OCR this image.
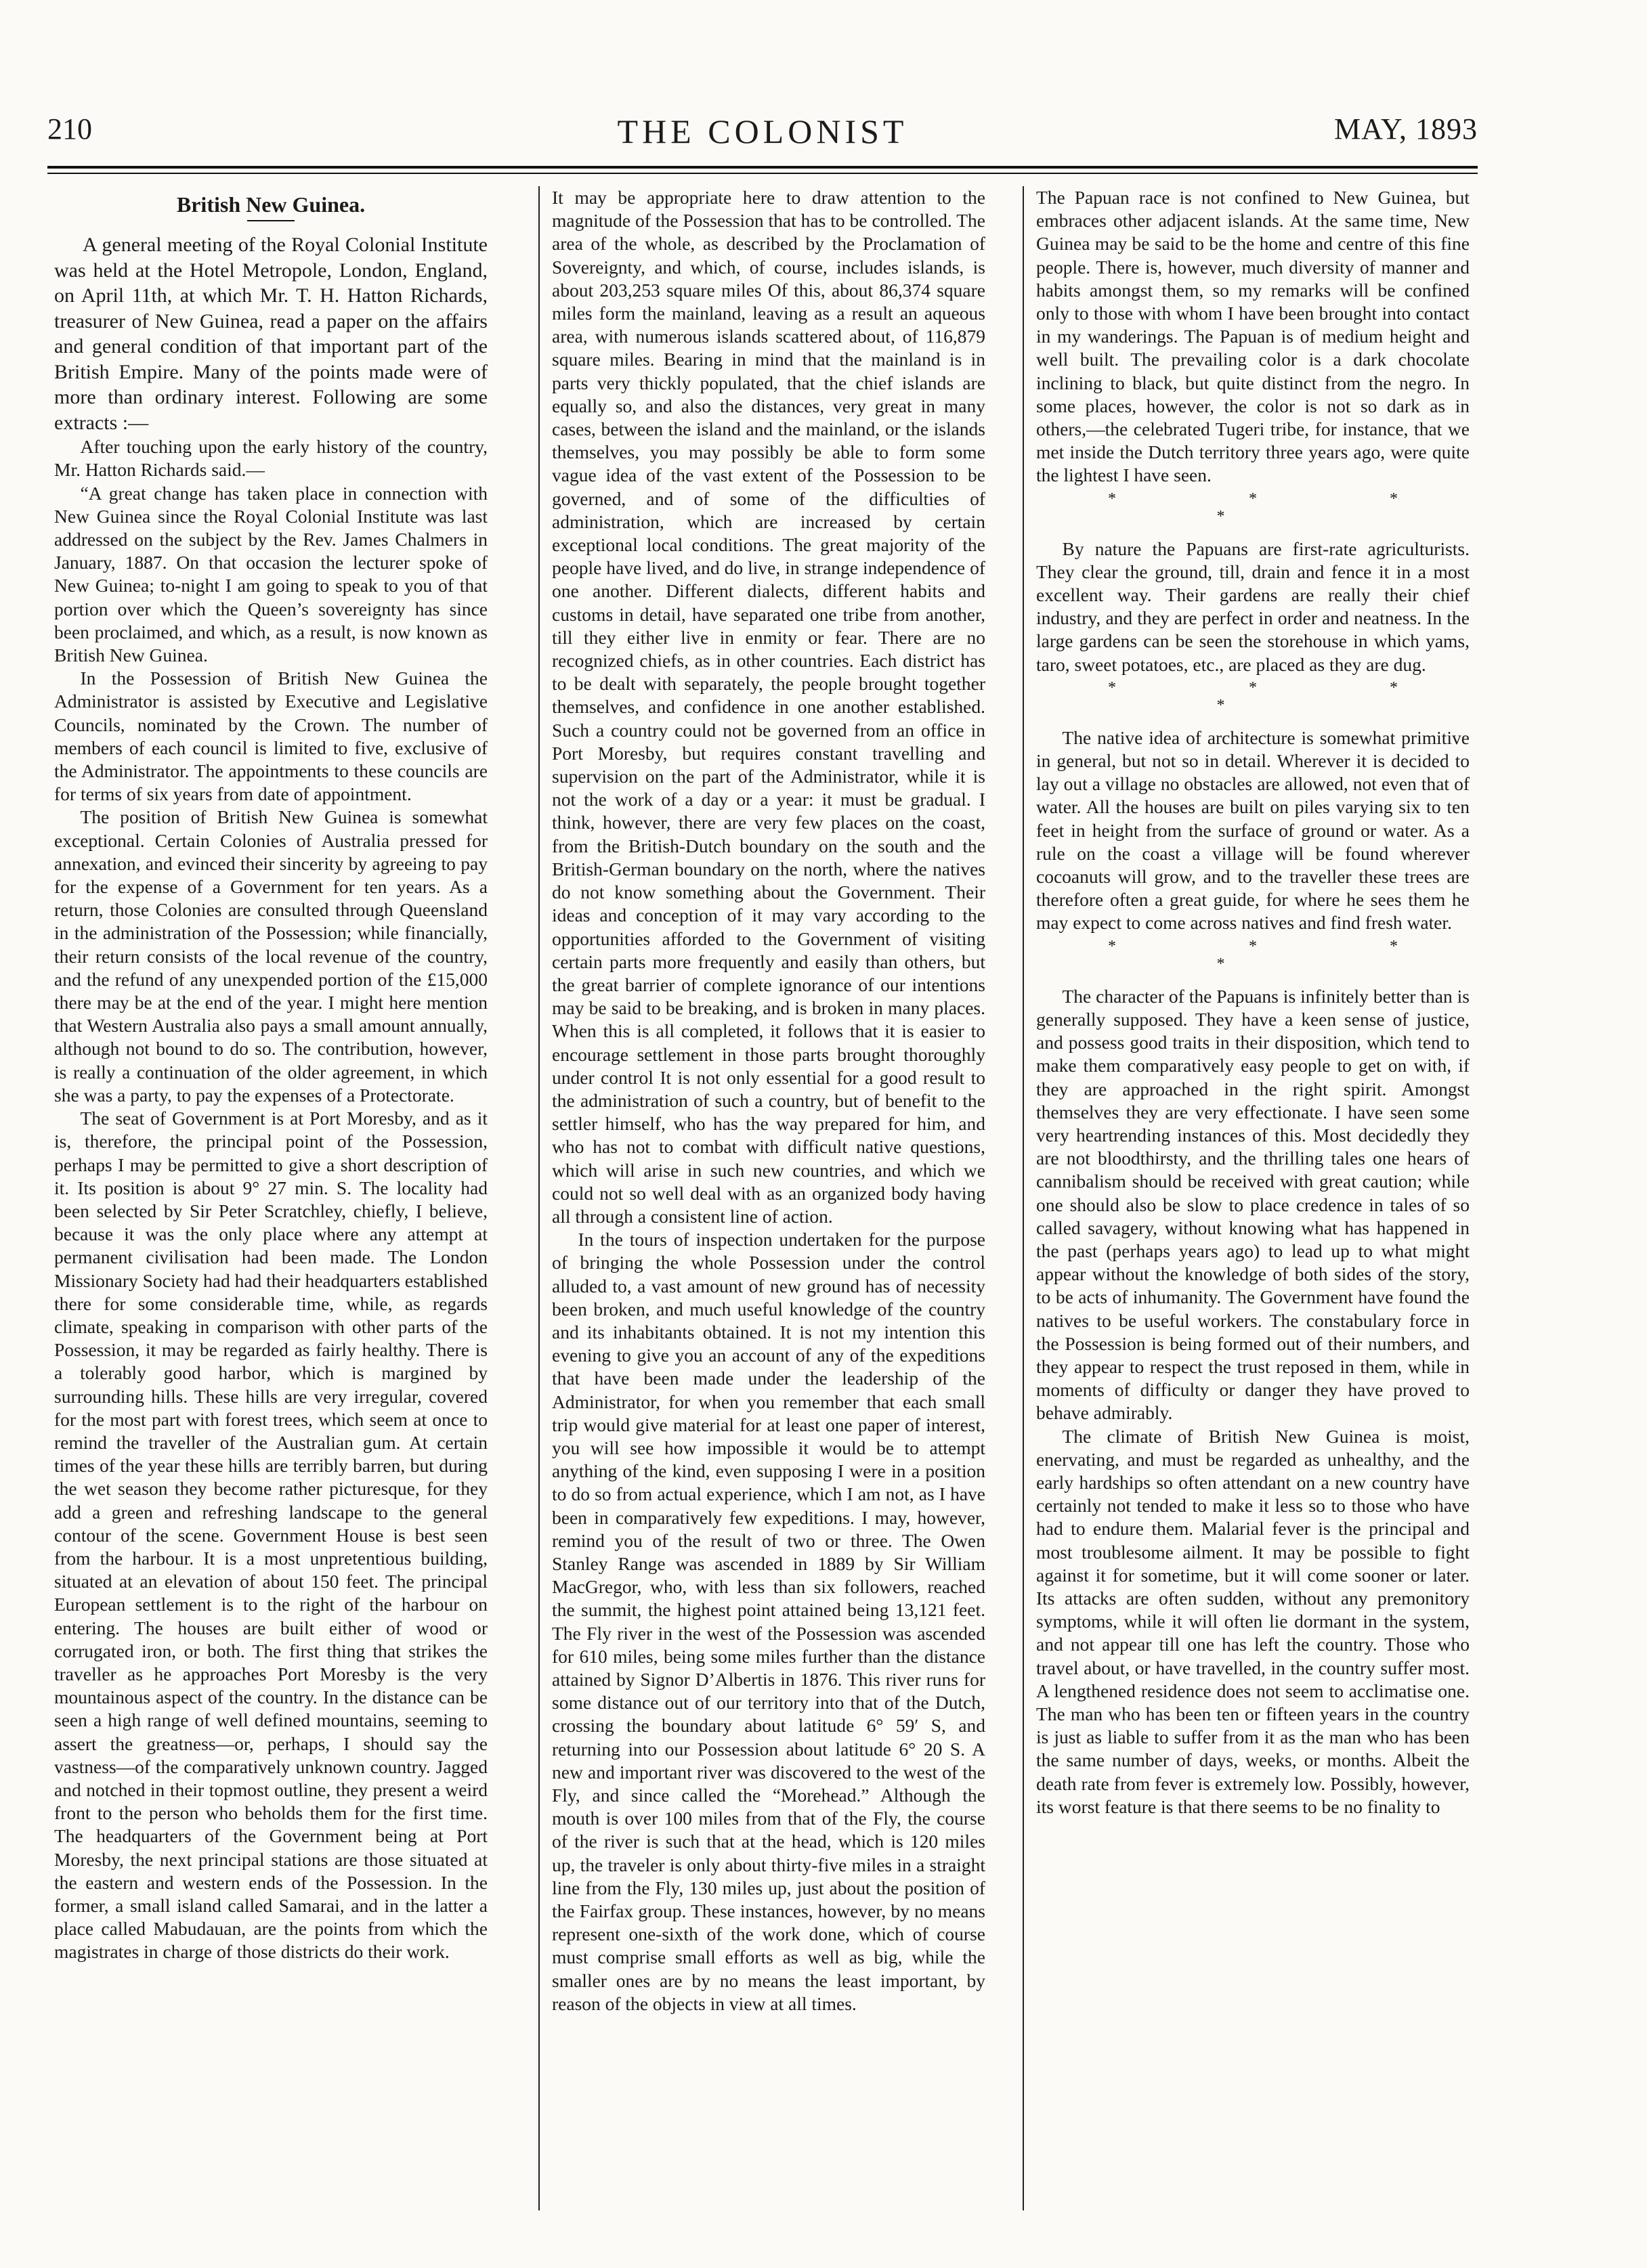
210	THE COLONIST	MAY, 1893
British New Guinea.

A general meeting of the Royal Colonial Institute was held at the Hotel Metropole, London, England, on April 11th, at which Mr. T. H. Hatton Richards, treasurer of New Guinea, read a paper on the affairs and general condition of that important part of the British Empire. Many of the points made were of more than ordinary interest. Following are some extracts :—

After touching upon the early history of the country, Mr. Hatton Richards said.—

“A great change has taken place in connection with New Guinea since the Royal Colonial Institute was last addressed on the subject by the Rev. James Chalmers in January, 1887. On that occasion the lecturer spoke of New Guinea; to-night I am going to speak to you of that portion over which the Queen’s sovereignty has since been proclaimed, and which, as a result, is now known as British New Guinea.

In the Possession of British New Guinea the Administrator is assisted by Executive and Legislative Councils, nominated by the Crown. The number of members of each council is limited to five, exclusive of the Administrator. The appointments to these councils are for terms of six years from date of appointment.

The position of British New Guinea is somewhat exceptional. Certain Colonies of Australia pressed for annexation, and evinced their sincerity by agreeing to pay for the expense of a Government for ten years. As a return, those Colonies are consulted through Queensland in the administration of the Possession; while financially, their return consists of the local revenue of the country, and the refund of any unexpended portion of the £15,000 there may be at the end of the year. I might here mention that Western Australia also pays a small amount annually, although not bound to do so. The contribution, however, is really a continuation of the older agreement, in which she was a party, to pay the expenses of a Protectorate.

The seat of Government is at Port Moresby, and as it is, therefore, the principal point of the Possession, perhaps I may be permitted to give a short description of it. Its position is about 9° 27 min. S. The locality had been selected by Sir Peter Scratchley, chiefly, I believe, because it was the only place where any attempt at permanent civilisation had been made. The London Missionary Society had had their headquarters established there for some considerable time, while, as regards climate, speaking in comparison with other parts of the Possession, it may be regarded as fairly healthy. There is a tolerably good harbor, which is margined by surrounding hills. These hills are very irregular, covered for the most part with forest trees, which seem at once to remind the traveller of the Australian gum. At certain times of the year these hills are terribly barren, but during the wet season they become rather picturesque, for they add a green and refreshing landscape to the general contour of the scene. Government House is best seen from the harbour. It is a most unpretentious building, situated at an elevation of about 150 feet. The principal European settlement is to the right of the harbour on entering. The houses are built either of wood or corrugated iron, or both. The first thing that strikes the traveller as he approaches Port Moresby is the very mountainous aspect of the country. In the distance can be seen a high range of well defined mountains, seeming to assert the greatness—or, perhaps, I should say the vastness—of the comparatively unknown country. Jagged and notched in their topmost outline, they present a weird front to the person who beholds them for the first time. The headquarters of the Government being at Port Moresby, the next principal stations are those situated at the eastern and western ends of the Possession. In the former, a small island called Samarai, and in the latter a place called Mabudauan, are the points from which the magistrates in charge of those districts do their work.

It may be appropriate here to draw attention to the magnitude of the Possession that has to be controlled. The area of the whole, as described by the Proclamation of Sovereignty, and which, of course, includes islands, is about 203,253 square miles Of this, about 86,374 square miles form the mainland, leaving as a result an aqueous area, with numerous islands scattered about, of 116,879 square miles. Bearing in mind that the mainland is in parts very thickly populated, that the chief islands are equally so, and also the distances, very great in many cases, between the island and the mainland, or the islands themselves, you may possibly be able to form some vague idea of the vast extent of the Possession to be governed, and of some of the difficulties of administration, which are increased by certain exceptional local conditions. The great majority of the people have lived, and do live, in strange independence of one another. Different dialects, different habits and customs in detail, have separated one tribe from another, till they either live in enmity or fear. There are no recognized chiefs, as in other countries. Each district has to be dealt with separately, the people brought together themselves, and confidence in one another established. Such a country could not be governed from an office in Port Moresby, but requires constant travelling and supervision on the part of the Administrator, while it is not the work of a day or a year: it must be gradual. I think, however, there are very few places on the coast, from the British-Dutch boundary on the south and the British-German boundary on the north, where the natives do not know something about the Government. Their ideas and conception of it may vary according to the opportunities afforded to the Government of visiting certain parts more frequently and easily than others, but the great barrier of complete ignorance of our intentions may be said to be breaking, and is broken in many places. When this is all completed, it follows that it is easier to encourage settlement in those parts brought thoroughly under control It is not only essential for a good result to the administration of such a country, but of benefit to the settler himself, who has the way prepared for him, and who has not to combat with difficult native questions, which will arise in such new countries, and which we could not so well deal with as an organized body having all through a consistent line of action.

In the tours of inspection undertaken for the purpose of bringing the whole Possession under the control alluded to, a vast amount of new ground has of necessity been broken, and much useful knowledge of the country and its inhabitants obtained. It is not my intention this evening to give you an account of any of the expeditions that have been made under the leadership of the Administrator, for when you remember that each small trip would give material for at least one paper of interest, you will see how impossible it would be to attempt anything of the kind, even supposing I were in a position to do so from actual experience, which I am not, as I have been in comparatively few expeditions. I may, however, remind you of the result of two or three. The Owen Stanley Range was ascended in 1889 by Sir William MacGregor, who, with less than six followers, reached the summit, the highest point attained being 13,121 feet. The Fly river in the west of the Possession was ascended for 610 miles, being some miles further than the distance attained by Signor D’Albertis in 1876. This river runs for some distance out of our territory into that of the Dutch, crossing the boundary about latitude 6° 59′ S, and returning into our Possession about latitude 6° 20 S. A new and important river was discovered to the west of the Fly, and since called the “Morehead.” Although the mouth is over 100 miles from that of the Fly, the course of the river is such that at the head, which is 120 miles up, the traveler is only about thirty-five miles in a straight line from the Fly, 130 miles up, just about the position of the Fairfax group. These instances, however, by no means represent one-sixth of the work done, which of course must comprise small efforts as well as big, while the smaller ones are by no means the least important, by reason of the objects in view at all times.

The Papuan race is not confined to New Guinea, but embraces other adjacent islands. At the same time, New Guinea may be said to be the home and centre of this fine people. There is, however, much diversity of manner and habits amongst them, so my remarks will be confined only to those with whom I have been brought into contact in my wanderings. The Papuan is of medium height and well built. The prevailing color is a dark chocolate inclining to black, but quite distinct from the negro. In some places, however, the color is not so dark as in others,—the celebrated Tugeri tribe, for instance, that we met inside the Dutch territory three years ago, were quite the lightest I have seen.

* * * *

By nature the Papuans are first-rate agriculturists. They clear the ground, till, drain and fence it in a most excellent way. Their gardens are really their chief industry, and they are perfect in order and neatness. In the large gardens can be seen the storehouse in which yams, taro, sweet potatoes, etc., are placed as they are dug.

* * * *

The native idea of architecture is somewhat primitive in general, but not so in detail. Wherever it is decided to lay out a village no obstacles are allowed, not even that of water. All the houses are built on piles varying six to ten feet in height from the surface of ground or water. As a rule on the coast a village will be found wherever cocoanuts will grow, and to the traveller these trees are therefore often a great guide, for where he sees them he may expect to come across natives and find fresh water.

* * * *

The character of the Papuans is infinitely better than is generally supposed. They have a keen sense of justice, and possess good traits in their disposition, which tend to make them comparatively easy people to get on with, if they are approached in the right spirit. Amongst themselves they are very effectionate. I have seen some very heartrending instances of this. Most decidedly they are not bloodthirsty, and the thrilling tales one hears of cannibalism should be received with great caution; while one should also be slow to place credence in tales of so called savagery, without knowing what has happened in the past (perhaps years ago) to lead up to what might appear without the knowledge of both sides of the story, to be acts of inhumanity. The Government have found the natives to be useful workers. The constabulary force in the Possession is being formed out of their numbers, and they appear to respect the trust reposed in them, while in moments of difficulty or danger they have proved to behave admirably.

The climate of British New Guinea is moist, enervating, and must be regarded as unhealthy, and the early hardships so often attendant on a new country have certainly not tended to make it less so to those who have had to endure them. Malarial fever is the principal and most troublesome ailment. It may be possible to fight against it for sometime, but it will come sooner or later. Its attacks are often sudden, without any premonitory symptoms, while it will often lie dormant in the system, and not appear till one has left the country. Those who travel about, or have travelled, in the country suffer most. A lengthened residence does not seem to acclimatise one. The man who has been ten or fifteen years in the country is just as liable to suffer from it as the man who has been the same number of days, weeks, or months. Albeit the death rate from fever is extremely low. Possibly, however, its worst feature is that there seems to be no finality to
